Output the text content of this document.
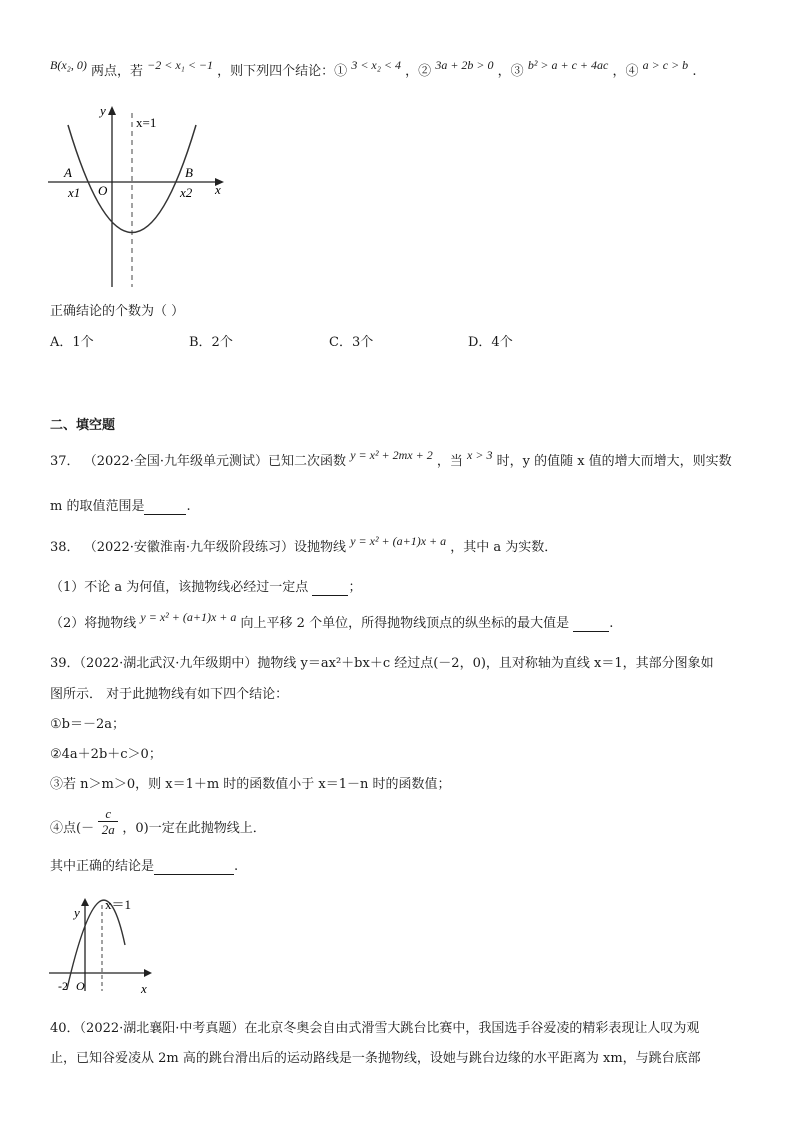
B(x₂, 0) 两点，若 −2 < x₁ < −1 ，则下列四个结论：① 3 < x₂ < 4 ，② 3a + 2b > 0 ，③ b² > a + c + 4ac ，④ a > c > b .
y
x=1
A	B
x1 O	x2 x
正确结论的个数为（ ）
A．1个	B．2个	C．3个	D．4个
二、填空题
37． （2022·全国·九年级单元测试）已知二次函数 y = x² + 2mx + 2 ，当 x > 3 时，y 的值随 x 值的增大而增大，则实数
m 的取值范围是	.
38． （2022·安徽淮南·九年级阶段练习）设抛物线 y = x² + (a+1)x + a ，其中 a 为实数．
（1）不论 a 为何值，该抛物线必经过一定点	；
（2）将抛物线 y = x² + (a+1)x + a 向上平移 2 个单位，所得抛物线顶点的纵坐标的最大值是	.
39．（2022·湖北武汉·九年级期中）抛物线 y＝ax²＋bx＋c 经过点(－2，0)，且对称轴为直线 x＝1，其部分图象如
图所示． 对于此抛物线有如下四个结论：
①b＝－2a；
②4a＋2b＋c＞0；
③若 n＞m＞0，则 x＝1＋m 时的函数值小于 x＝1－n 时的函数值；
④点(－ $\frac{c}{2a}$ ，0)一定在此抛物线上．
其中正确的结论是	.
y
x＝1
-2 O	x
40．（2022·湖北襄阳·中考真题）在北京冬奥会自由式滑雪大跳台比赛中，我国选手谷爱凌的精彩表现让人叹为观
止，已知谷爱凌从 2m 高的跳台滑出后的运动路线是一条抛物线，设她与跳台边缘的水平距离为 xm，与跳台底部
